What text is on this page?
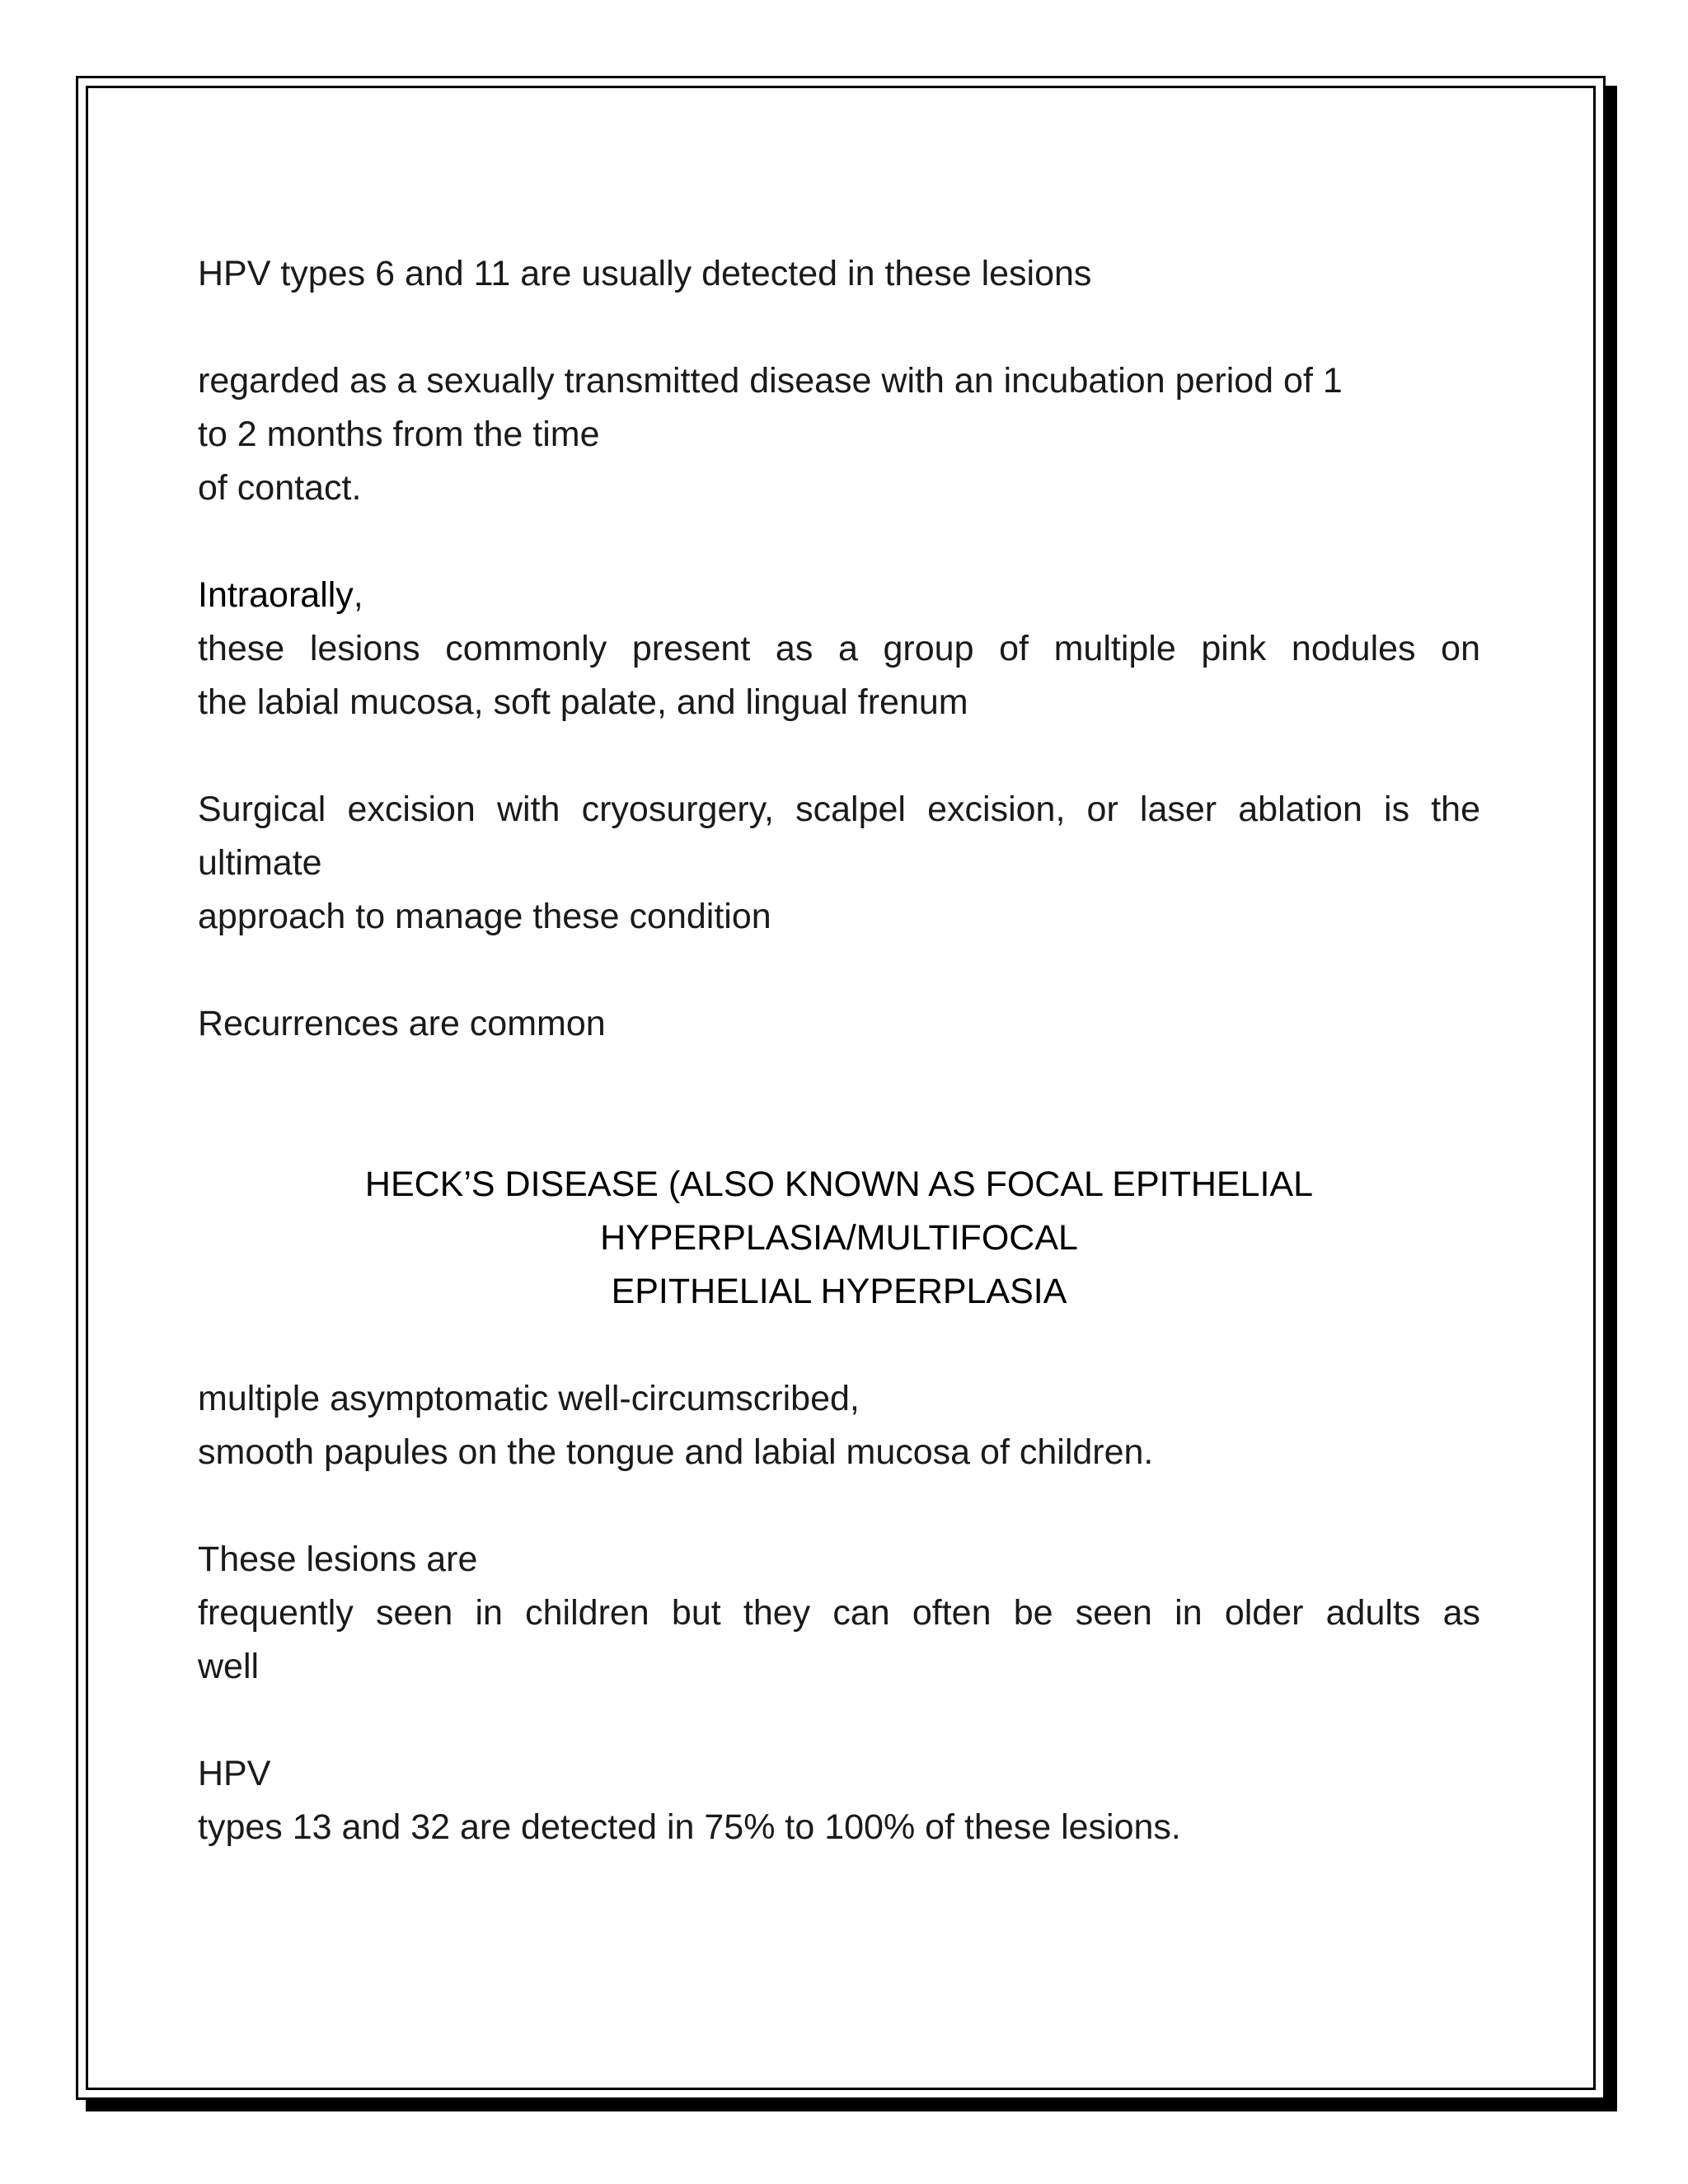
HPV types 6 and 11 are usually detected in these lesions

regarded as a sexually transmitted disease with an incubation period of 1
to 2 months from the time
of contact.

Intraorally,
these lesions commonly present as a group of multiple pink nodules on
the labial mucosa, soft palate, and lingual frenum

Surgical excision with cryosurgery, scalpel excision, or laser ablation is the
ultimate
approach to manage these condition

Recurrences are common

HECK’S DISEASE (ALSO KNOWN AS FOCAL EPITHELIAL
HYPERPLASIA/MULTIFOCAL
EPITHELIAL HYPERPLASIA

multiple asymptomatic well-circumscribed,
smooth papules on the tongue and labial mucosa of children.

These lesions are
frequently seen in children but they can often be seen in older adults as
well

HPV
types 13 and 32 are detected in 75% to 100% of these lesions.
